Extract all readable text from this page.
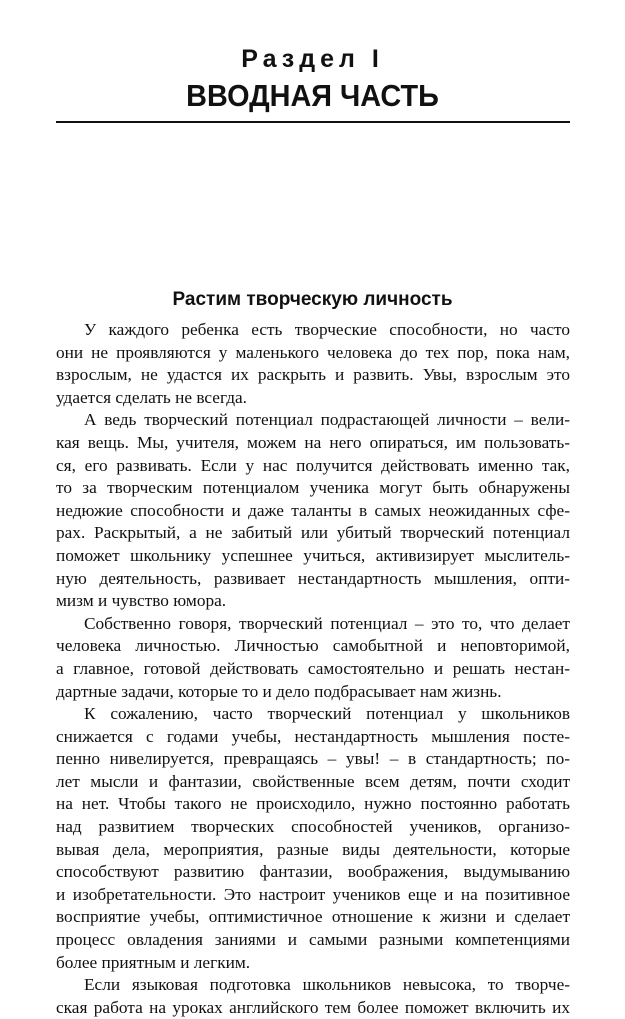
Раздел I
ВВОДНАЯ ЧАСТЬ
Растим творческую личность
У каждого ребенка есть творческие способности, но часто
они не проявляются у маленького человека до тех пор, пока нам,
взрослым, не удастся их раскрыть и развить. Увы, взрослым это
удается сделать не всегда.
А ведь творческий потенциал подрастающей личности – вели-
кая вещь. Мы, учителя, можем на него опираться, им пользовать-
ся, его развивать. Если у нас получится действовать именно так,
то за творческим потенциалом ученика могут быть обнаружены
недюжие способности и даже таланты в самых неожиданных сфе-
рах. Раскрытый, а не забитый или убитый творческий потенциал
поможет школьнику успешнее учиться, активизирует мыслитель-
ную деятельность, развивает нестандартность мышления, опти-
мизм и чувство юмора.
Собственно говоря, творческий потенциал – это то, что делает
человека личностью. Личностью самобытной и неповторимой,
а главное, готовой действовать самостоятельно и решать нестан-
дартные задачи, которые то и дело подбрасывает нам жизнь.
К сожалению, часто творческий потенциал у школьников
снижается с годами учебы, нестандартность мышления посте-
пенно нивелируется, превращаясь – увы! – в стандартность; по-
лет мысли и фантазии, свойственные всем детям, почти сходит
на нет. Чтобы такого не происходило, нужно постоянно работать
над развитием творческих способностей учеников, организо-
вывая дела, мероприятия, разные виды деятельности, которые
способствуют развитию фантазии, воображения, выдумыванию
и изобретательности. Это настроит учеников еще и на позитивное
восприятие учебы, оптимистичное отношение к жизни и сделает
процесс овладения заниями и самыми разными компетенциями
более приятным и легким.
Если языковая подготовка школьников невысока, то творче-
ская работа на уроках английского тем более поможет включить их
